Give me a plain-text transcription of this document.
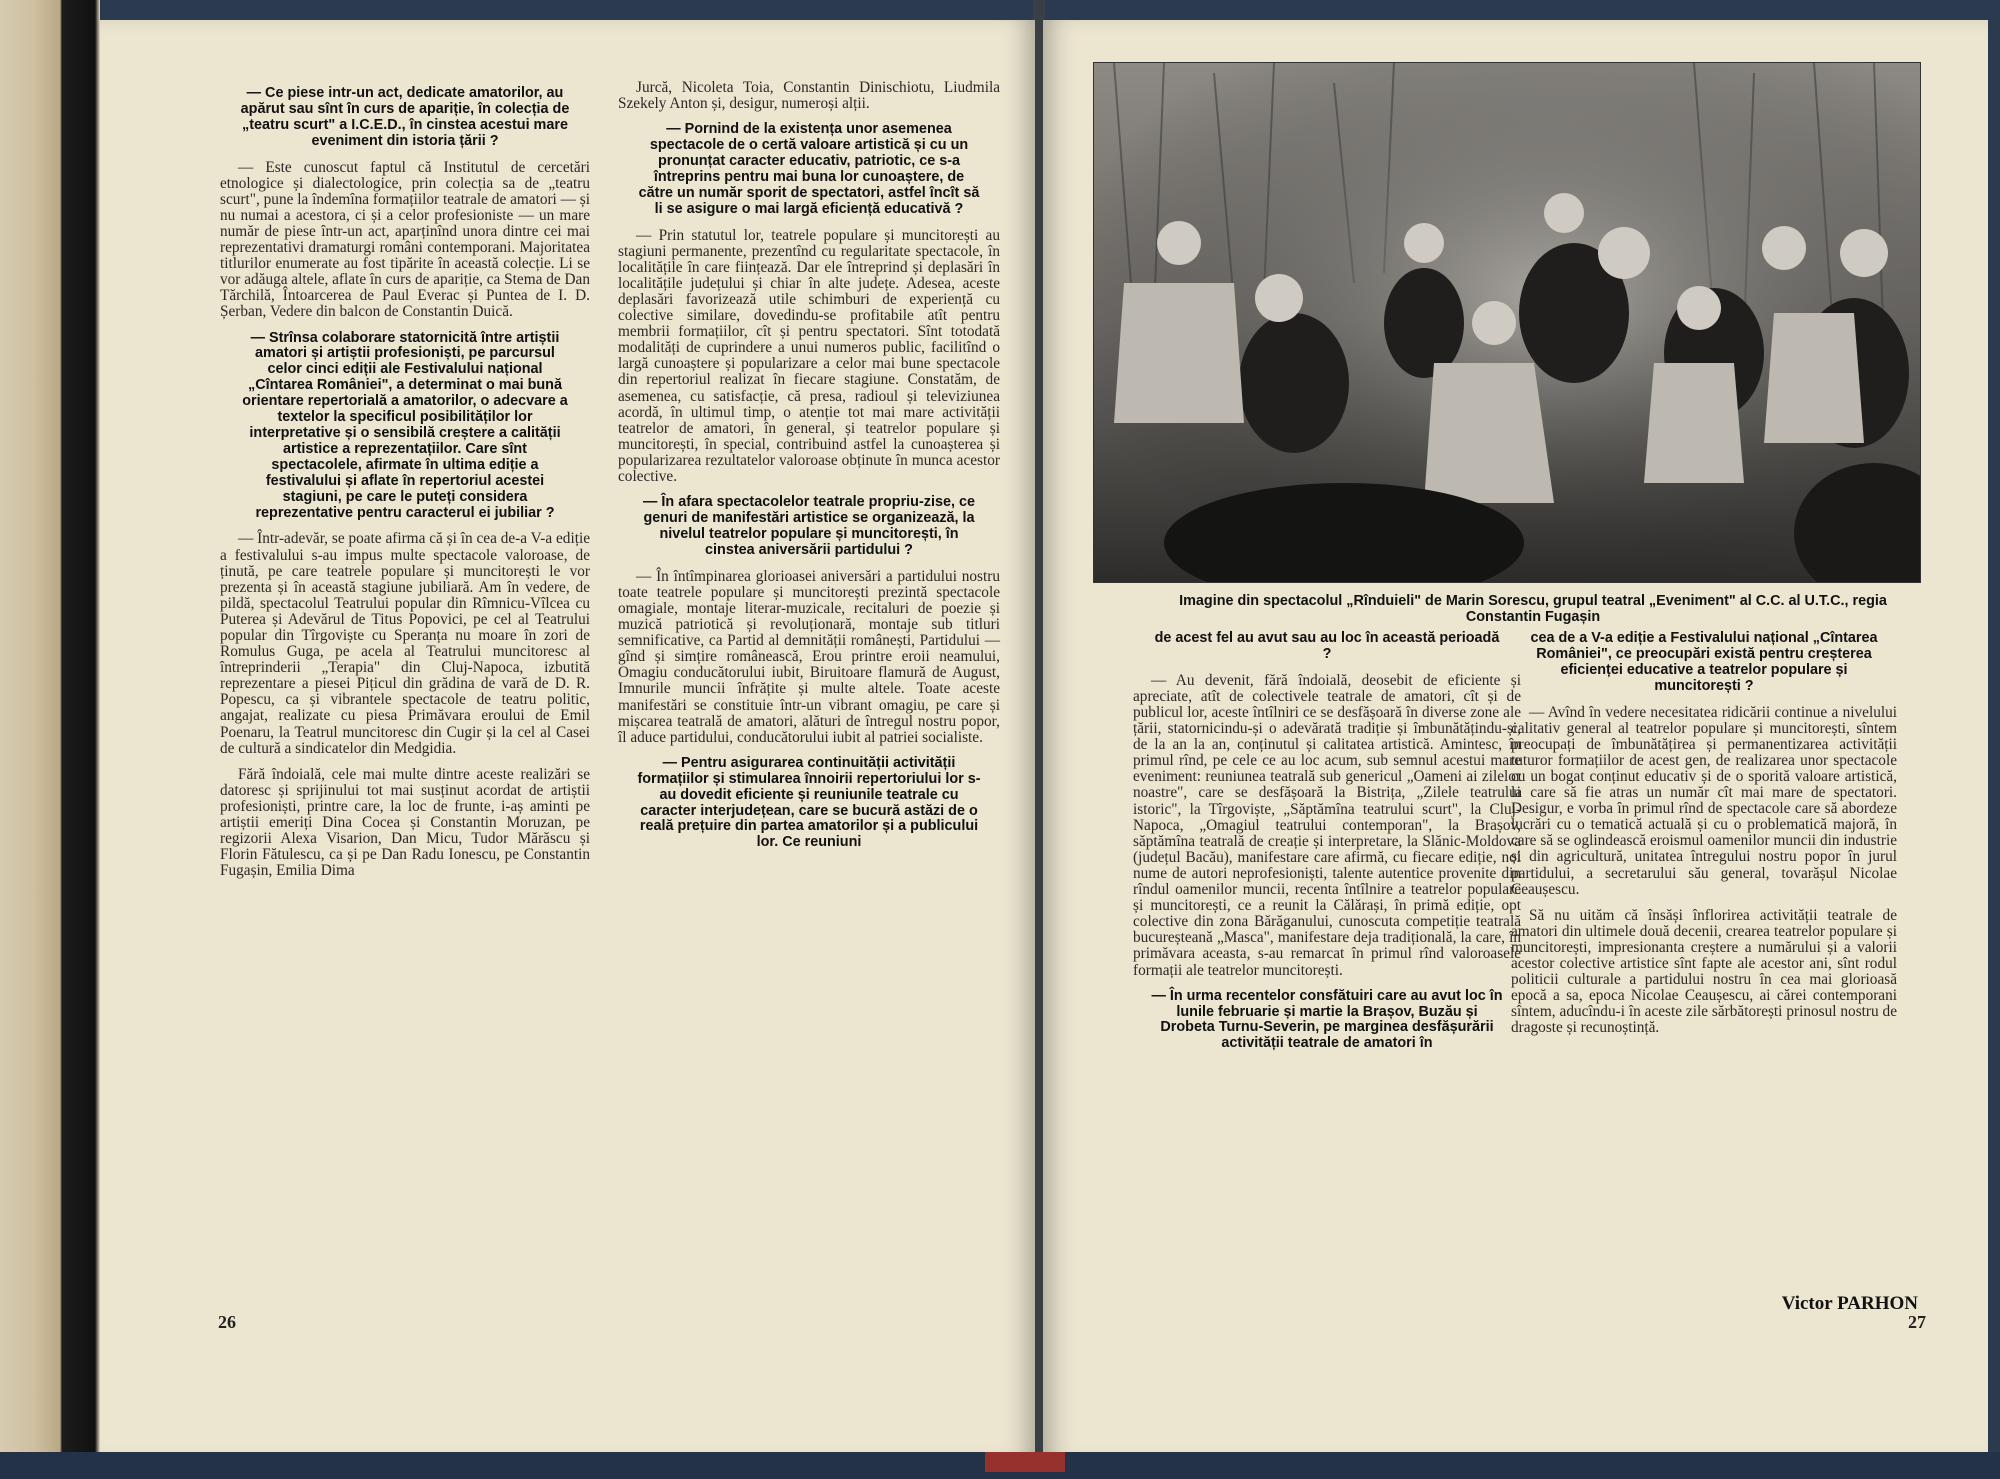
— Ce piese intr-un act, dedicate amatorilor, au apărut sau sînt în curs de apariție, în colecția de „teatru scurt" a I.C.E.D., în cinstea acestui mare eveniment din istoria țării ?

— Este cunoscut faptul că Institutul de cercetări etnologice și dialectologice, prin colecția sa de „teatru scurt", pune la îndemîna formațiilor teatrale de amatori — și nu numai a acestora, ci și a celor profesioniste — un mare număr de piese într-un act, aparținînd unora dintre cei mai reprezentativi dramaturgi români contemporani. Majoritatea titlurilor enumerate au fost tipărite în această colecție. Li se vor adăuga altele, aflate în curs de apariție, ca Stema de Dan Tărchilă, Întoarcerea de Paul Everac și Puntea de I. D. Șerban, Vedere din balcon de Constantin Duică.

— Strînsa colaborare statornicită între artiștii amatori și artiștii profesioniști, pe parcursul celor cinci ediții ale Festivalului național „Cîntarea României", a determinat o mai bună orientare repertorială a amatorilor, o adecvare a textelor la specificul posibilităților lor interpretative și o sensibilă creștere a calității artistice a reprezentațiilor. Care sînt spectacolele, afirmate în ultima ediție a festivalului și aflate în repertoriul acestei stagiuni, pe care le puteți considera reprezentative pentru caracterul ei jubiliar ?

— Într-adevăr, se poate afirma că și în cea de-a V-a ediție a festivalului s-au impus multe spectacole valoroase, de ținută, pe care teatrele populare și muncitorești le vor prezenta și în această stagiune jubiliară. Am în vedere, de pildă, spectacolul Teatrului popular din Rîmnicu-Vîlcea cu Puterea și Adevărul de Titus Popovici, pe cel al Teatrului popular din Tîrgoviște cu Speranța nu moare în zori de Romulus Guga, pe acela al Teatrului muncitoresc al întreprinderii „Terapia" din Cluj-Napoca, izbutită reprezentare a piesei Pițicul din grădina de vară de D. R. Popescu, ca și vibrantele spectacole de teatru politic, angajat, realizate cu piesa Primăvara eroului de Emil Poenaru, la Teatrul muncitoresc din Cugir și la cel al Casei de cultură a sindicatelor din Medgidia.

Fără îndoială, cele mai multe dintre aceste realizări se datoresc și sprijinului tot mai susținut acordat de artiștii profesioniști, printre care, la loc de frunte, i-aș aminti pe artiștii emeriți Dina Cocea și Constantin Moruzan, pe regizorii Alexa Visarion, Dan Micu, Tudor Mărăscu și Florin Fătulescu, ca și pe Dan Radu Ionescu, pe Constantin Fugașin, Emilia Dima

Jurcă, Nicoleta Toia, Constantin Dinischiotu, Liudmila Szekely Anton și, desigur, numeroși alții.

— Pornind de la existența unor asemenea spectacole de o certă valoare artistică și cu un pronunțat caracter educativ, patriotic, ce s-a întreprins pentru mai buna lor cunoaștere, de către un număr sporit de spectatori, astfel încît să li se asigure o mai largă eficiență educativă ?

— Prin statutul lor, teatrele populare și muncitorești au stagiuni permanente, prezentînd cu regularitate spectacole, în localitățile în care ființează. Dar ele întreprind și deplasări în localitățile județului și chiar în alte județe. Adesea, aceste deplasări favorizează utile schimburi de experiență cu colective similare, dovedindu-se profitabile atît pentru membrii formațiilor, cît și pentru spectatori. Sînt totodată modalități de cuprindere a unui numeros public, facilitînd o largă cunoaștere și popularizare a celor mai bune spectacole din repertoriul realizat în fiecare stagiune. Constatăm, de asemenea, cu satisfacție, că presa, radioul și televiziunea acordă, în ultimul timp, o atenție tot mai mare activității teatrelor de amatori, în general, și teatrelor populare și muncitorești, în special, contribuind astfel la cunoașterea și popularizarea rezultatelor valoroase obținute în munca acestor colective.

— În afara spectacolelor teatrale propriu-zise, ce genuri de manifestări artistice se organizează, la nivelul teatrelor populare și muncitorești, în cinstea aniversării partidului ?

— În întîmpinarea glorioasei aniversări a partidului nostru toate teatrele populare și muncitorești prezintă spectacole omagiale, montaje literar-muzicale, recitaluri de poezie și muzică patriotică și revoluționară, montaje sub titluri semnificative, ca Partid al demnității românești, Partidului — gînd și simțire românească, Erou printre eroii neamului, Omagiu conducătorului iubit, Biruitoare flamură de August, Imnurile muncii înfrățite și multe altele. Toate aceste manifestări se constituie într-un vibrant omagiu, pe care și mișcarea teatrală de amatori, alături de întregul nostru popor, îl aduce partidului, conducătorului iubit al patriei socialiste.

— Pentru asigurarea continuității activității formațiilor și stimularea înnoirii repertoriului lor s-au dovedit eficiente și reuniunile teatrale cu caracter interjudețean, care se bucură astăzi de o reală prețuire din partea amatorilor și a publicului lor. Ce reuniuni

26
Imagine din spectacolul „Rînduieli" de Marin Sorescu, grupul teatral „Eveniment" al C.C. al U.T.C., regia Constantin Fugașin

de acest fel au avut sau au loc în această perioadă ?

— Au devenit, fără îndoială, deosebit de eficiente și apreciate, atît de colectivele teatrale de amatori, cît și de publicul lor, aceste întîlniri ce se desfășoară în diverse zone ale țării, statornicindu-și o adevărată tradiție și îmbunătățindu-și, de la an la an, conținutul și calitatea artistică. Amintesc, în primul rînd, pe cele ce au loc acum, sub semnul acestui mare eveniment: reuniunea teatrală sub genericul „Oameni ai zilelor noastre", care se desfășoară la Bistrița, „Zilele teatrului istoric", la Tîrgoviște, „Săptămîna teatrului scurt", la Cluj-Napoca, „Omagiul teatrului contemporan", la Brașov, săptămîna teatrală de creație și interpretare, la Slănic-Moldova (județul Bacău), manifestare care afirmă, cu fiecare ediție, noi nume de autori neprofesioniști, talente autentice provenite din rîndul oamenilor muncii, recenta întîlnire a teatrelor populare și muncitorești, ce a reunit la Călărași, în primă ediție, opt colective din zona Bărăganului, cunoscuta competiție teatrală bucureșteană „Masca", manifestare deja tradițională, la care, în primăvara aceasta, s-au remarcat în primul rînd valoroasele formații ale teatrelor muncitorești.

— În urma recentelor consfătuiri care au avut loc în lunile februarie și martie la Brașov, Buzău și Drobeta Turnu-Severin, pe marginea desfășurării activității teatrale de amatori în

cea de a V-a ediție a Festivalului național „Cîntarea României", ce preocupări există pentru creșterea eficienței educative a teatrelor populare și muncitorești ?

— Avînd în vedere necesitatea ridicării continue a nivelului calitativ general al teatrelor populare și muncitorești, sîntem preocupați de îmbunătățirea și permanentizarea activității tuturor formațiilor de acest gen, de realizarea unor spectacole cu un bogat conținut educativ și de o sporită valoare artistică, la care să fie atras un număr cît mai mare de spectatori. Desigur, e vorba în primul rînd de spectacole care să abordeze lucrări cu o tematică actuală și cu o problematică majoră, în care să se oglindească eroismul oamenilor muncii din industrie și din agricultură, unitatea întregului nostru popor în jurul partidului, a secretarului său general, tovarășul Nicolae Ceaușescu.

Să nu uităm că însăși înflorirea activității teatrale de amatori din ultimele două decenii, crearea teatrelor populare și muncitorești, impresionanta creștere a numărului și a valorii acestor colective artistice sînt fapte ale acestor ani, sînt rodul politicii culturale a partidului nostru în cea mai glorioasă epocă a sa, epoca Nicolae Ceaușescu, ai cărei contemporani sîntem, aducîndu-i în aceste zile sărbătorești prinosul nostru de dragoste și recunoștință.

Victor PARHON
27
